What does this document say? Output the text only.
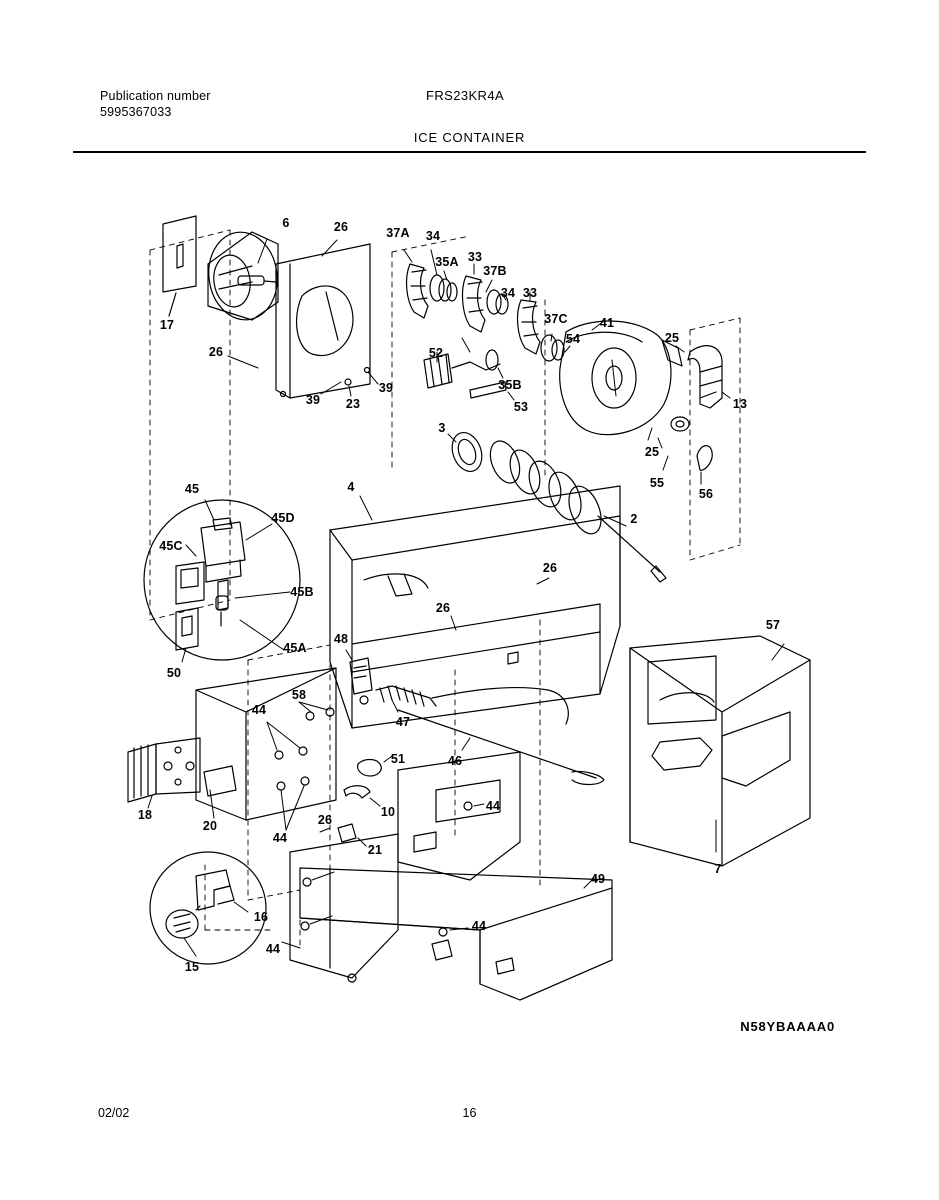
Publication number
5995367033
FRS23KR4A
ICE CONTAINER
6	26	37A 34
35A 33
37B
34 33
17	37C	41
25
52
54
26
13
39	35B
39 23	53
25
3
55
56
45	4
2
45D
45C
26
45B
26
57
48
45A
50
58
44
47
51	46
18	10	44
20	26
44
21
7
49
16
44
44
15
N58YBAAAA0
02/02	16
